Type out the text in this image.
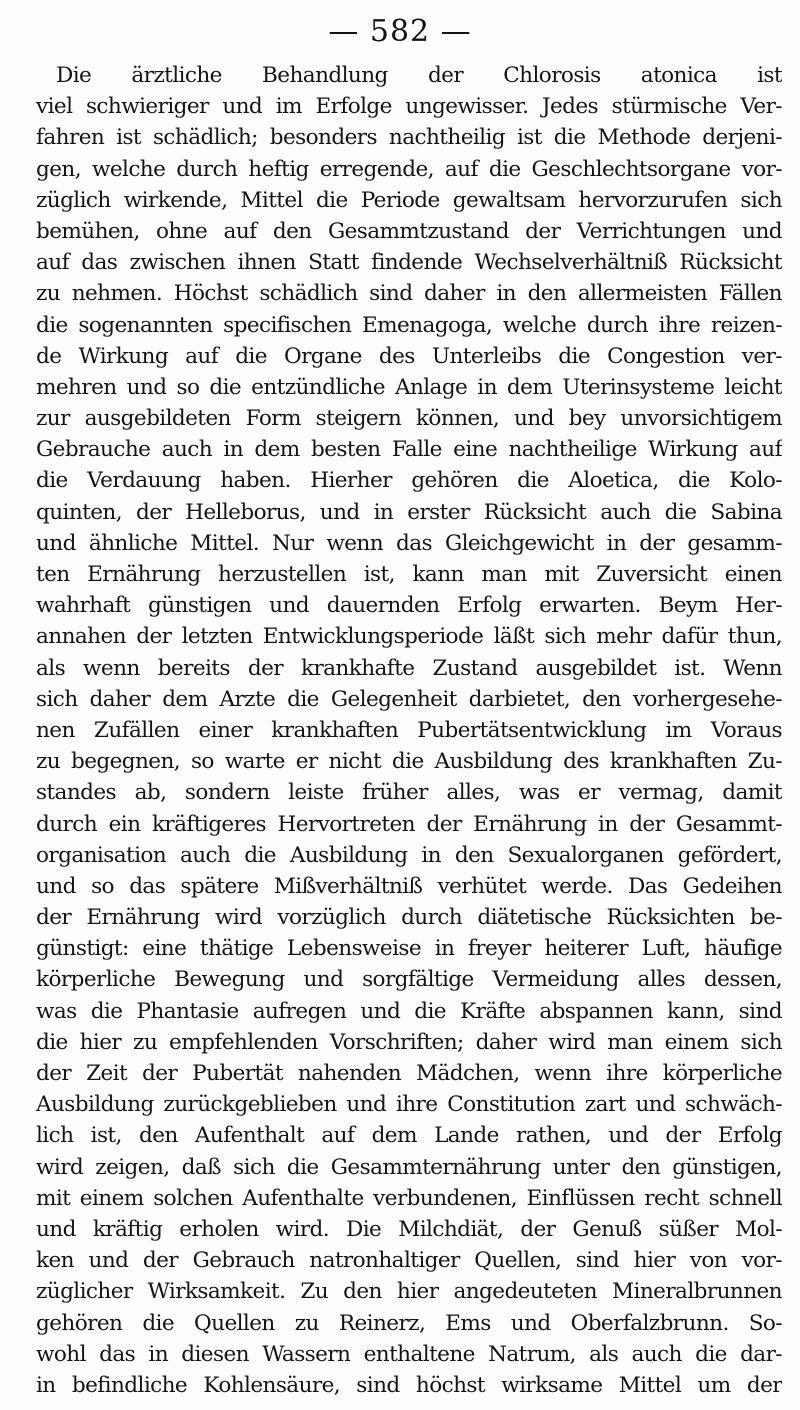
— 582 —
Die ärztliche Behandlung der Chlorosis atonica ist
viel schwieriger und im Erfolge ungewisser. Jedes stürmische Ver-
fahren ist schädlich; besonders nachtheilig ist die Methode derjeni-
gen, welche durch heftig erregende, auf die Geschlechtsorgane vor-
züglich wirkende, Mittel die Periode gewaltsam hervorzurufen sich
bemühen, ohne auf den Gesammtzustand der Verrichtungen und
auf das zwischen ihnen Statt findende Wechselverhältniß Rücksicht
zu nehmen. Höchst schädlich sind daher in den allermeisten Fällen
die sogenannten specifischen Emenagoga, welche durch ihre reizen-
de Wirkung auf die Organe des Unterleibs die Congestion ver-
mehren und so die entzündliche Anlage in dem Uterinsysteme leicht
zur ausgebildeten Form steigern können, und bey unvorsichtigem
Gebrauche auch in dem besten Falle eine nachtheilige Wirkung auf
die Verdauung haben. Hierher gehören die Aloetica, die Kolo-
quinten, der Helleborus, und in erster Rücksicht auch die Sabina
und ähnliche Mittel. Nur wenn das Gleichgewicht in der gesamm-
ten Ernährung herzustellen ist, kann man mit Zuversicht einen
wahrhaft günstigen und dauernden Erfolg erwarten. Beym Her-
annahen der letzten Entwicklungsperiode läßt sich mehr dafür thun,
als wenn bereits der krankhafte Zustand ausgebildet ist. Wenn
sich daher dem Arzte die Gelegenheit darbietet, den vorhergesehe-
nen Zufällen einer krankhaften Pubertätsentwicklung im Voraus
zu begegnen, so warte er nicht die Ausbildung des krankhaften Zu-
standes ab, sondern leiste früher alles, was er vermag, damit
durch ein kräftigeres Hervortreten der Ernährung in der Gesammt-
organisation auch die Ausbildung in den Sexualorganen gefördert,
und so das spätere Mißverhältniß verhütet werde. Das Gedeihen
der Ernährung wird vorzüglich durch diätetische Rücksichten be-
günstigt: eine thätige Lebensweise in freyer heiterer Luft, häufige
körperliche Bewegung und sorgfältige Vermeidung alles dessen,
was die Phantasie aufregen und die Kräfte abspannen kann, sind
die hier zu empfehlenden Vorschriften; daher wird man einem sich
der Zeit der Pubertät nahenden Mädchen, wenn ihre körperliche
Ausbildung zurückgeblieben und ihre Constitution zart und schwäch-
lich ist, den Aufenthalt auf dem Lande rathen, und der Erfolg
wird zeigen, daß sich die Gesammternährung unter den günstigen,
mit einem solchen Aufenthalte verbundenen, Einflüssen recht schnell
und kräftig erholen wird. Die Milchdiät, der Genuß süßer Mol-
ken und der Gebrauch natronhaltiger Quellen, sind hier von vor-
züglicher Wirksamkeit. Zu den hier angedeuteten Mineralbrunnen
gehören die Quellen zu Reinerz, Ems und Oberfalzbrunn. So-
wohl das in diesen Wassern enthaltene Natrum, als auch die dar-
in befindliche Kohlensäure, sind höchst wirksame Mittel um der
